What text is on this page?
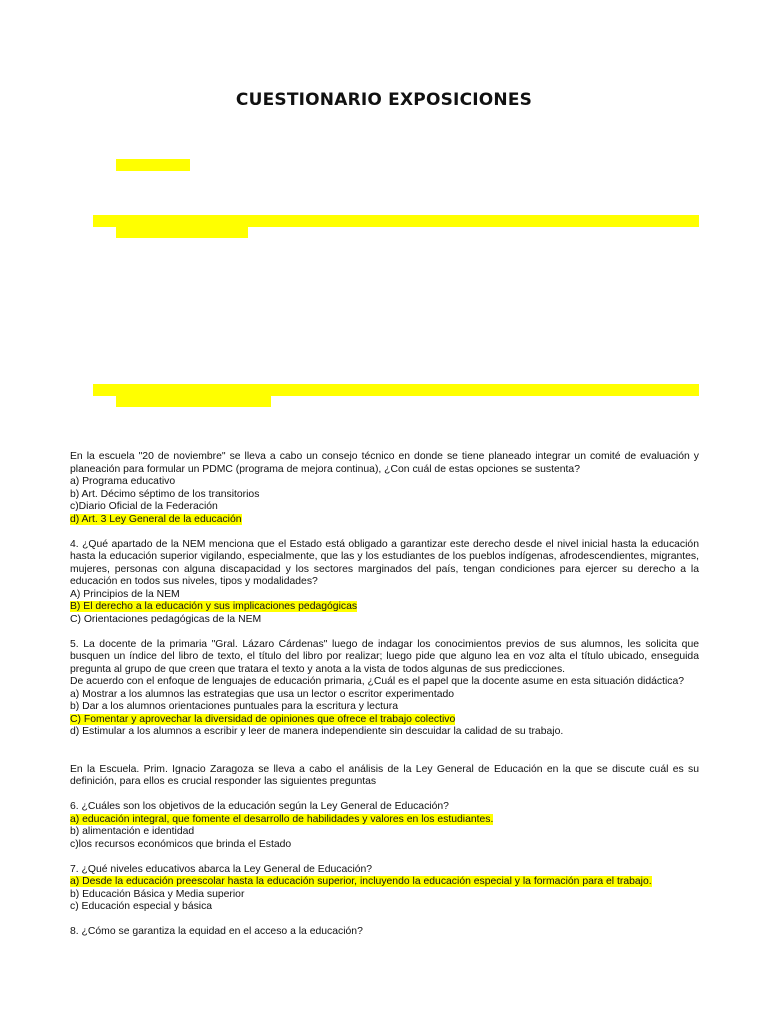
CUESTIONARIO EXPOSICIONES

En la escuela "20 de noviembre" se lleva a cabo un consejo técnico en donde se tiene planeado integrar un comité de evaluación y planeación para formular un PDMC (programa de mejora continua), ¿Con cuál de estas opciones se sustenta?

a) Programa educativo

b) Art. Décimo séptimo de los transitorios

c)Diario Oficial de la Federación

d) Art. 3 Ley General de la educación

4. ¿Qué apartado de la NEM menciona que el Estado está obligado a garantizar este derecho desde el nivel inicial hasta la educación hasta la educación superior vigilando, especialmente, que las y los estudiantes de los pueblos indígenas, afrodescendientes, migrantes, mujeres, personas con alguna discapacidad y los sectores marginados del país, tengan condiciones para ejercer su derecho a la educación en todos sus niveles, tipos y modalidades?

A) Principios de la NEM

B) El derecho a la educación y sus implicaciones pedagógicas

C) Orientaciones pedagógicas de la NEM

5. La docente de la primaria "Gral. Lázaro Cárdenas" luego de indagar los conocimientos previos de sus alumnos, les solicita que busquen un índice del libro de texto, el título del libro por realizar; luego pide que alguno lea en voz alta el título ubicado, enseguida pregunta al grupo de que creen que tratara el texto y anota a la vista de todos algunas de sus predicciones.

De acuerdo con el enfoque de lenguajes de educación primaria, ¿Cuál es el papel que la docente asume en esta situación didáctica?

a) Mostrar a los alumnos las estrategias que usa un lector o escritor experimentado

b) Dar a los alumnos orientaciones puntuales para la escritura y lectura

C) Fomentar y aprovechar la diversidad de opiniones que ofrece el trabajo colectivo

d) Estimular a los alumnos a escribir y leer de manera independiente sin descuidar la calidad de su trabajo.

En la Escuela. Prim. Ignacio Zaragoza se lleva a cabo el análisis de la Ley General de Educación en la que se discute cuál es su definición, para ellos es crucial responder las siguientes preguntas

6. ¿Cuáles son los objetivos de la educación según la Ley General de Educación?

a) educación integral, que fomente el desarrollo de habilidades y valores en los estudiantes.

b) alimentación e identidad

c)los recursos económicos que brinda el Estado

7. ¿Qué niveles educativos abarca la Ley General de Educación?

a) Desde la educación preescolar hasta la educación superior, incluyendo la educación especial y la formación para el trabajo.

b) Educación Básica y Media superior

c) Educación especial y básica

8. ¿Cómo se garantiza la equidad en el acceso a la educación?
